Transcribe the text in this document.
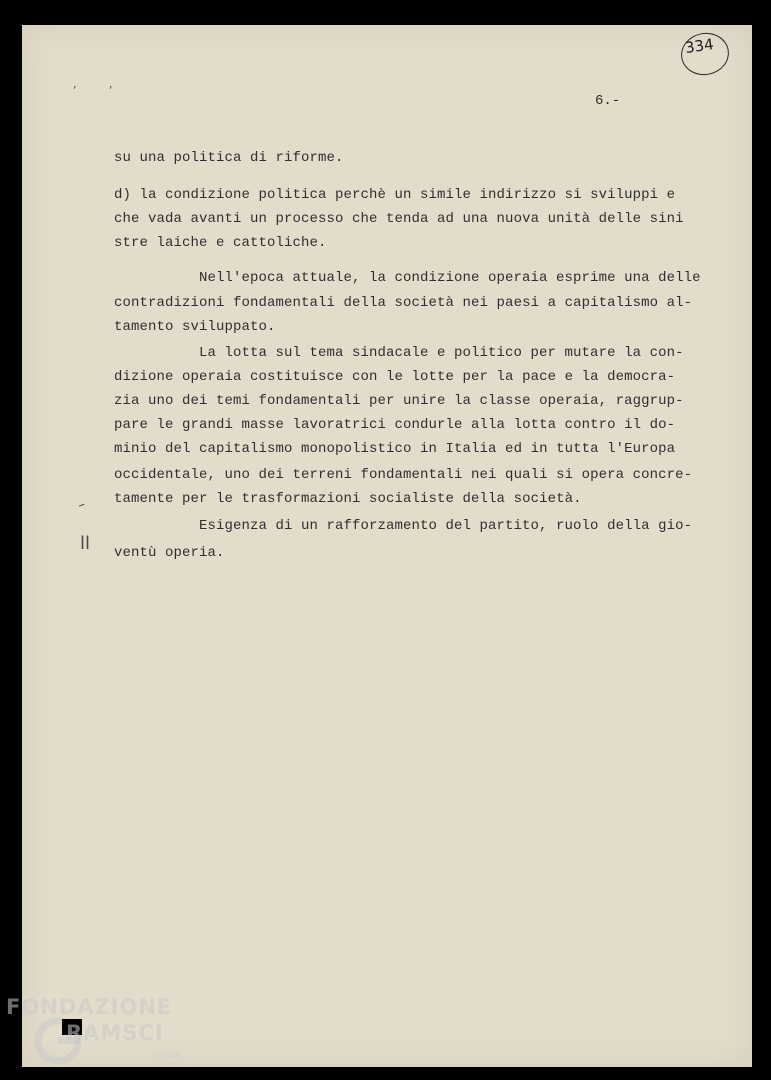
334
‚ ‚
6.-
su una politica di riforme.
d) la condizione politica perchè un simile indirizzo si sviluppi e
che vada avanti un processo che tenda ad una nuova unità delle sini
stre laiche e cattoliche.
Nell'epoca attuale, la condizione operaia esprime una delle
contradizioni fondamentali della società nei paesi a capitalismo al-
tamento sviluppato.
La lotta sul tema sindacale e politico per mutare la con-
dizione operaia costituisce con le lotte per la pace e la democra-
zia uno dei temi fondamentali per unire la classe operaia, raggrup-
pare le grandi masse lavoratrici condurle alla lotta contro il do-
minio del capitalismo monopolistico in Italia ed in tutta l'Europa
occidentale, uno dei terreni fondamentali nei quali si opera concre-
tamente per le trasformazioni socialiste della società.
Esigenza di un rafforzamento del partito, ruolo della gio-
ventù operia.
–
ll
FONDAZIONE
RAMSCI
onlus
